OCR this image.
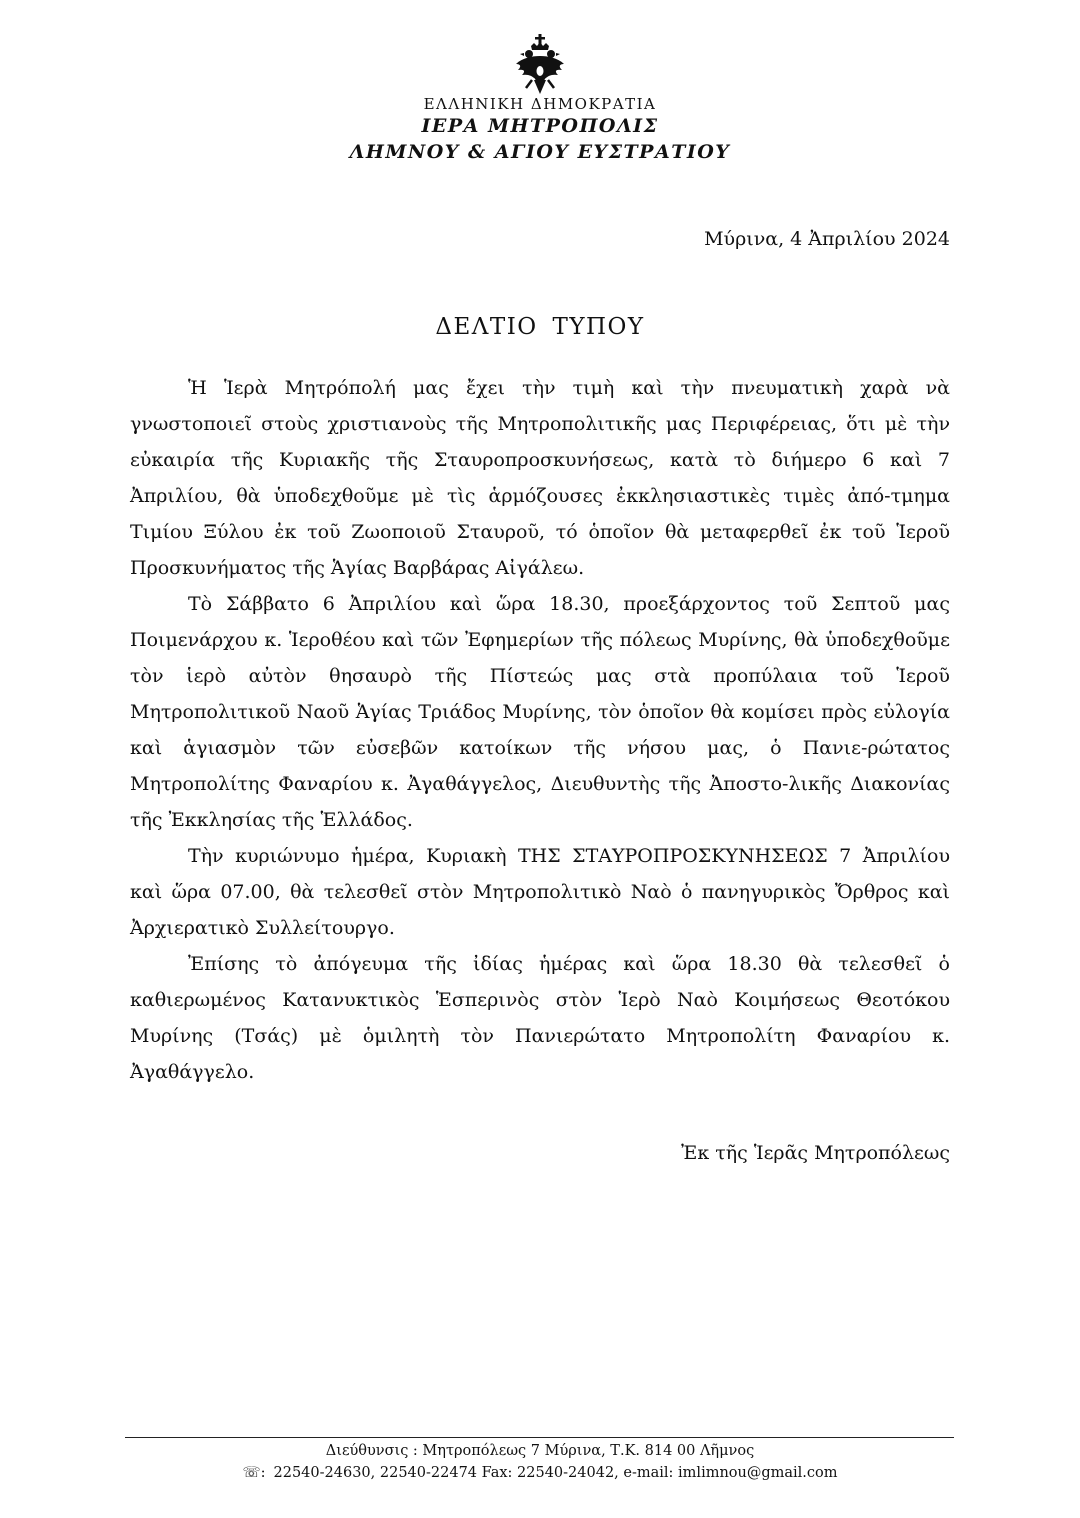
ΕΛΛΗΝΙΚΗ ΔΗΜΟΚΡΑΤΙΑ
ΙΕΡΑ ΜΗΤΡΟΠΟΛΙΣ
ΛΗΜΝΟΥ & ΑΓΙΟΥ ΕΥΣΤΡΑΤΙΟΥ
Μύρινα, 4 Ἀπριλίου 2024
ΔΕΛΤΙΟ ΤΥΠΟΥ

Ἡ Ἱερὰ Μητρόπολή μας ἔχει τὴν τιμὴ καὶ τὴν πνευματικὴ χαρὰ νὰ γνωστοποιεῖ στοὺς χριστιανοὺς τῆς Μητροπολιτικῆς μας Περιφέρειας, ὅτι μὲ τὴν εὐκαιρία τῆς Κυριακῆς τῆς Σταυροπροσκυνήσεως, κατὰ τὸ διήμερο 6 καὶ 7 Ἀπριλίου, θὰ ὑποδεχθοῦμε μὲ τὶς ἁρμόζουσες ἐκκλησιαστικὲς τιμὲς ἀπό-τμημα Τιμίου Ξύλου ἐκ τοῦ Ζωοποιοῦ Σταυροῦ, τό ὁποῖον θὰ μεταφερθεῖ ἐκ τοῦ Ἱεροῦ Προσκυνήματος τῆς Ἁγίας Βαρβάρας Αἰγάλεω.

Τὸ Σάββατο 6 Ἀπριλίου καὶ ὥρα 18.30, προεξάρχοντος τοῦ Σεπτοῦ μας Ποιμενάρχου κ. Ἱεροθέου καὶ τῶν Ἐφημερίων τῆς πόλεως Μυρίνης, θὰ ὑποδεχθοῦμε τὸν ἱερὸ αὐτὸν θησαυρὸ τῆς Πίστεώς μας στὰ προπύλαια τοῦ Ἱεροῦ Μητροπολιτικοῦ Ναοῦ Ἁγίας Τριάδος Μυρίνης, τὸν ὁποῖον θὰ κομίσει πρὸς εὐλογία καὶ ἁγιασμὸν τῶν εὐσεβῶν κατοίκων τῆς νήσου μας, ὁ Πανιε-ρώτατος Μητροπολίτης Φαναρίου κ. Ἀγαθάγγελος, Διευθυντὴς τῆς Ἀποστο-λικῆς Διακονίας τῆς Ἐκκλησίας τῆς Ἑλλάδος.

Τὴν κυριώνυμο ἡμέρα, Κυριακὴ ΤΗΣ ΣΤΑΥΡΟΠΡΟΣΚΥΝΗΣΕΩΣ 7 Ἀπριλίου καὶ ὥρα 07.00, θὰ τελεσθεῖ στὸν Μητροπολιτικὸ Ναὸ ὁ πανηγυρικὸς Ὄρθρος καὶ Ἀρχιερατικὸ Συλλείτουργο.

Ἐπίσης τὸ ἀπόγευμα τῆς ἰδίας ἡμέρας καὶ ὥρα 18.30 θὰ τελεσθεῖ ὁ καθιερωμένος Κατανυκτικὸς Ἑσπερινὸς στὸν Ἱερὸ Ναὸ Κοιμήσεως Θεοτόκου Μυρίνης (Τσάς) μὲ ὁμιλητὴ τὸν Πανιερώτατο Μητροπολίτη Φαναρίου κ. Ἀγαθάγγελο.

Ἐκ τῆς Ἱερᾶς Μητροπόλεως
Διεύθυνσις : Μητροπόλεως 7 Μύρινα, Τ.Κ. 814 00 Λῆμνος
☏: 22540-24630, 22540-22474 Fax: 22540-24042, e-mail: imlimnou@gmail.com
